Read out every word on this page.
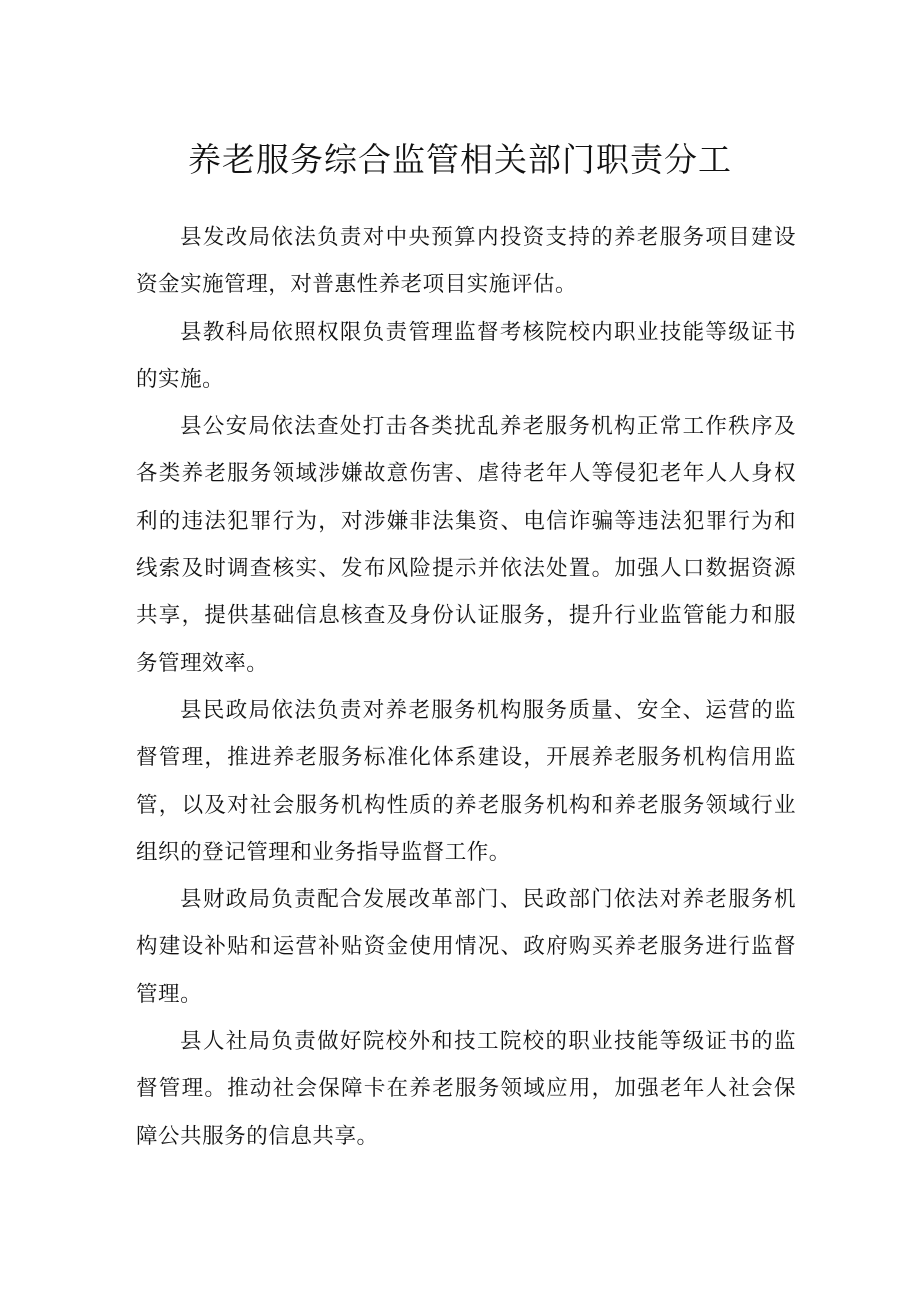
养老服务综合监管相关部门职责分工

县发改局依法负责对中央预算内投资支持的养老服务项目建设资金实施管理，对普惠性养老项目实施评估。

县教科局依照权限负责管理监督考核院校内职业技能等级证书的实施。

县公安局依法查处打击各类扰乱养老服务机构正常工作秩序及各类养老服务领域涉嫌故意伤害、虐待老年人等侵犯老年人人身权利的违法犯罪行为，对涉嫌非法集资、电信诈骗等违法犯罪行为和线索及时调查核实、发布风险提示并依法处置。加强人口数据资源共享，提供基础信息核查及身份认证服务，提升行业监管能力和服务管理效率。

县民政局依法负责对养老服务机构服务质量、安全、运营的监督管理，推进养老服务标准化体系建设，开展养老服务机构信用监管，以及对社会服务机构性质的养老服务机构和养老服务领域行业组织的登记管理和业务指导监督工作。

县财政局负责配合发展改革部门、民政部门依法对养老服务机构建设补贴和运营补贴资金使用情况、政府购买养老服务进行监督管理。

县人社局负责做好院校外和技工院校的职业技能等级证书的监督管理。推动社会保障卡在养老服务领域应用，加强老年人社会保障公共服务的信息共享。
